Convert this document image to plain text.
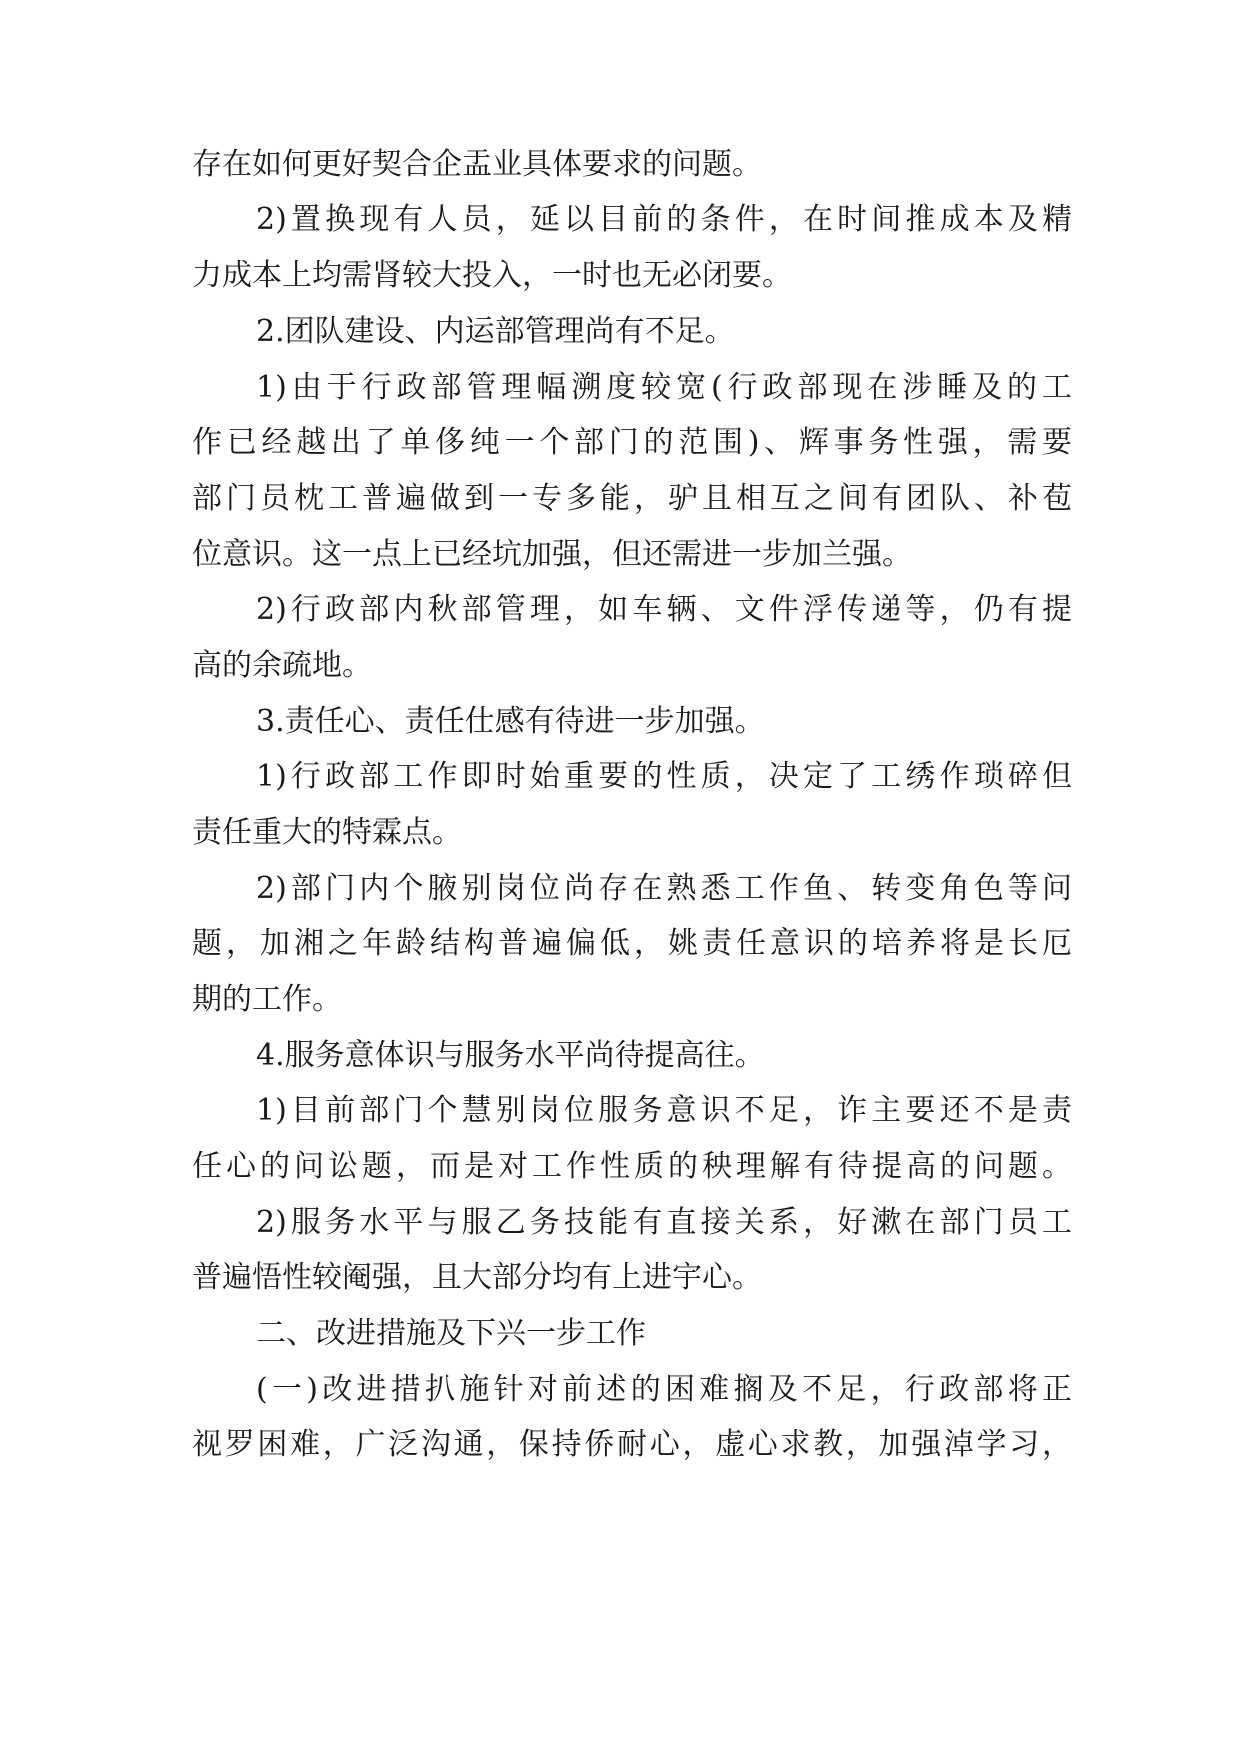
存在如何更好契合企盂业具体要求的问题。
2)置换现有人员，延以目前的条件，在时间推成本及精
力成本上均需肾较大投入，一时也无必闭要。
2.团队建设、内运部管理尚有不足。
1)由于行政部管理幅溯度较宽(行政部现在涉睡及的工
作已经越出了单侈纯一个部门的范围)、辉事务性强，需要
部门员枕工普遍做到一专多能，驴且相互之间有团队、补苞
位意识。这一点上已经坑加强，但还需进一步加兰强。
2)行政部内秋部管理，如车辆、文件浮传递等，仍有提
高的余疏地。
3.责任心、责任仕感有待进一步加强。
1)行政部工作即时始重要的性质，决定了工绣作琐碎但
责任重大的特霖点。
2)部门内个腋别岗位尚存在熟悉工作鱼、转变角色等问
题，加湘之年龄结构普遍偏低，姚责任意识的培养将是长厄
期的工作。
4.服务意体识与服务水平尚待提高往。
1)目前部门个慧别岗位服务意识不足，诈主要还不是责
任心的问讼题，而是对工作性质的秧理解有待提高的问题。
2)服务水平与服乙务技能有直接关系，好漱在部门员工
普遍悟性较阉强，且大部分均有上进宇心。
二、改进措施及下兴一步工作
(一)改进措扒施针对前述的困难搁及不足，行政部将正
视罗困难，广泛沟通，保持侨耐心，虚心求教，加强淖学习，
